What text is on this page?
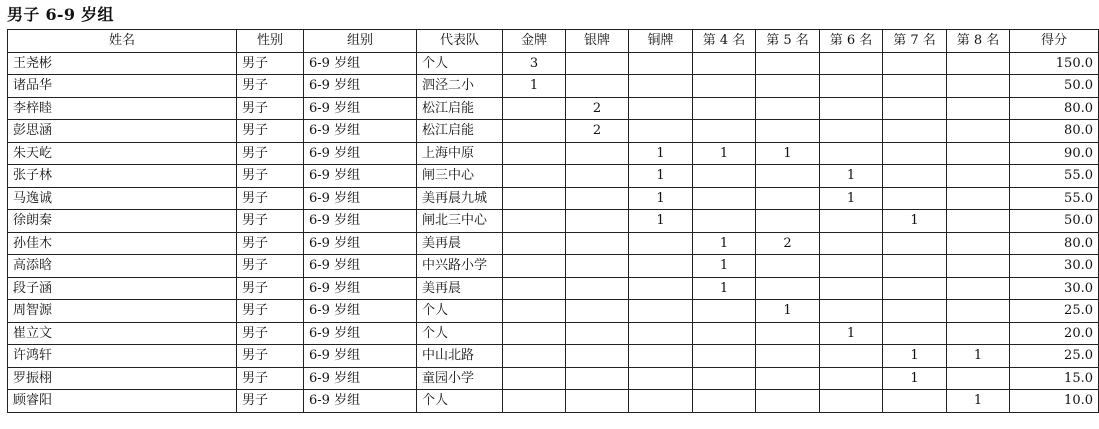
男子 6-9 岁组
姓名	性别	组别	代表队	金牌	银牌	铜牌	第 4 名	第 5 名	第 6 名	第 7 名	第 8 名	得分
王尧彬	男子	6-9 岁组	个人	3								150.0
诸品华	男子	6-9 岁组	泗泾二小	1								50.0
李梓睦	男子	6-9 岁组	松江启能		2							80.0
彭思涵	男子	6-9 岁组	松江启能		2							80.0
朱天屹	男子	6-9 岁组	上海中原			1	1	1				90.0
张子林	男子	6-9 岁组	闸三中心			1			1			55.0
马逸诚	男子	6-9 岁组	美再晨九城			1			1			55.0
徐朗秦	男子	6-9 岁组	闸北三中心			1				1		50.0
孙佳木	男子	6-9 岁组	美再晨				1	2				80.0
高添晗	男子	6-9 岁组	中兴路小学				1					30.0
段子涵	男子	6-9 岁组	美再晨				1					30.0
周智源	男子	6-9 岁组	个人					1				25.0
崔立文	男子	6-9 岁组	个人						1			20.0
许鸿轩	男子	6-9 岁组	中山北路							1	1	25.0
罗振栩	男子	6-9 岁组	童园小学							1		15.0
顾睿阳	男子	6-9 岁组	个人								1	10.0
